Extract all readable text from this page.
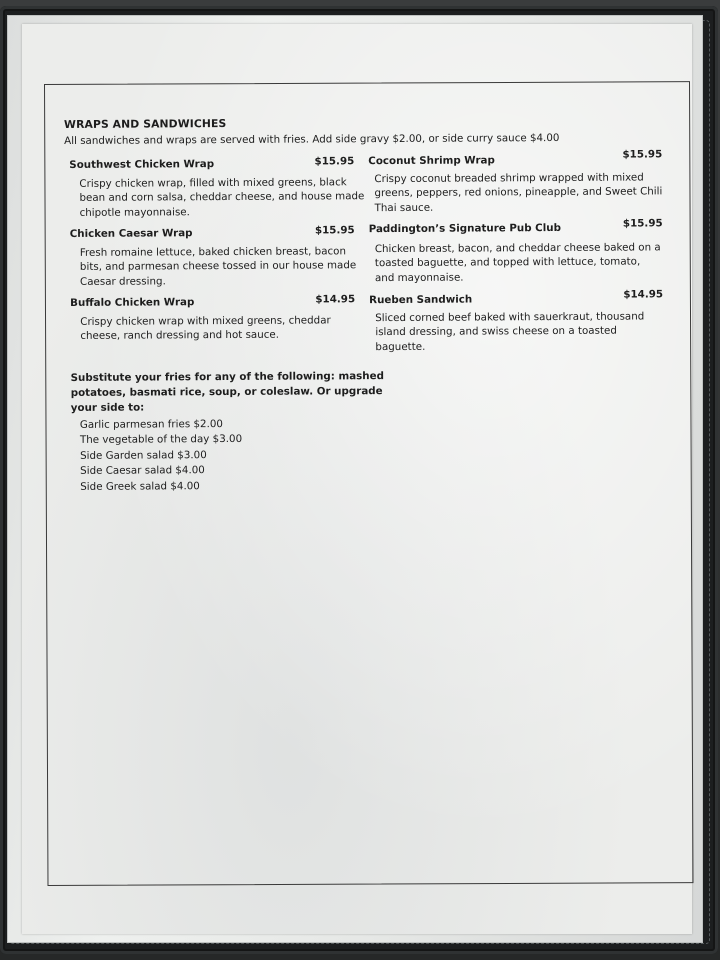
WRAPS AND SANDWICHES
All sandwiches and wraps are served with fries. Add side gravy $2.00, or side curry sauce $4.00
Southwest Chicken Wrap	$15.95
Crispy chicken wrap, filled with mixed greens, black
bean and corn salsa, cheddar cheese, and house made
chipotle mayonnaise.
Chicken Caesar Wrap	$15.95
Fresh romaine lettuce, baked chicken breast, bacon
bits, and parmesan cheese tossed in our house made
Caesar dressing.
Buffalo Chicken Wrap	$14.95
Crispy chicken wrap with mixed greens, cheddar
cheese, ranch dressing and hot sauce.
Coconut Shrimp Wrap	$15.95
Crispy coconut breaded shrimp wrapped with mixed
greens, peppers, red onions, pineapple, and Sweet Chili
Thai sauce.
Paddington’s Signature Pub Club	$15.95
Chicken breast, bacon, and cheddar cheese baked on a
toasted baguette, and topped with lettuce, tomato,
and mayonnaise.
Rueben Sandwich	$14.95
Sliced corned beef baked with sauerkraut, thousand
island dressing, and swiss cheese on a toasted
baguette.
Substitute your fries for any of the following: mashed
potatoes, basmati rice, soup, or coleslaw. Or upgrade
your side to:
Garlic parmesan fries $2.00
The vegetable of the day $3.00
Side Garden salad $3.00
Side Caesar salad $4.00
Side Greek salad $4.00
